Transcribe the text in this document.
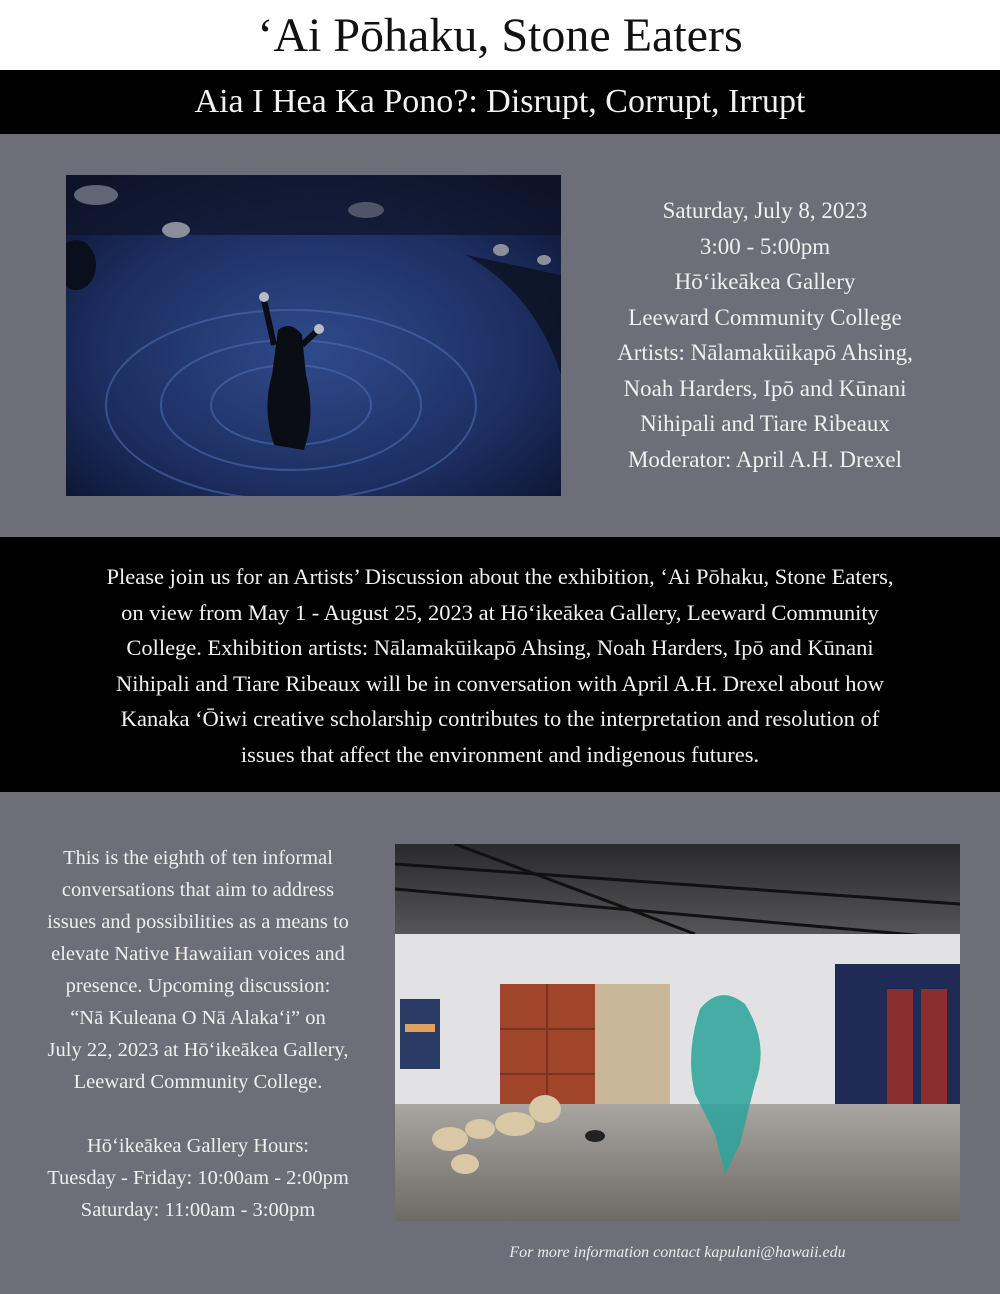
‘Ai Pōhaku, Stone Eaters
Aia I Hea Ka Pono?: Disrupt, Corrupt, Irrupt
Saturday, July 8, 2023
3:00 - 5:00pm
Hōʻikeākea Gallery
Leeward Community College
Artists: Nālamakūikapō Ahsing,
Noah Harders, Ipō and Kūnani
Nihipali and Tiare Ribeaux
Moderator: April A.H. Drexel
Please join us for an Artists’ Discussion about the exhibition, ‘Ai Pōhaku, Stone Eaters,
on view from May 1 - August 25, 2023 at Hōʻikeākea Gallery, Leeward Community
College. Exhibition artists: Nālamakūikapō Ahsing, Noah Harders, Ipō and Kūnani
Nihipali and Tiare Ribeaux will be in conversation with April A.H. Drexel about how
Kanaka ʻŌiwi creative scholarship contributes to the interpretation and resolution of
issues that affect the environment and indigenous futures.
This is the eighth of ten informal
conversations that aim to address
issues and possibilities as a means to
elevate Native Hawaiian voices and
presence. Upcoming discussion:
“Nā Kuleana O Nā Alaka‘i” on
July 22, 2023 at Hōʻikeākea Gallery,
Leeward Community College.
Hōʻikeākea Gallery Hours:
Tuesday - Friday: 10:00am - 2:00pm
Saturday: 11:00am - 3:00pm
For more information contact kapulani@hawaii.edu
